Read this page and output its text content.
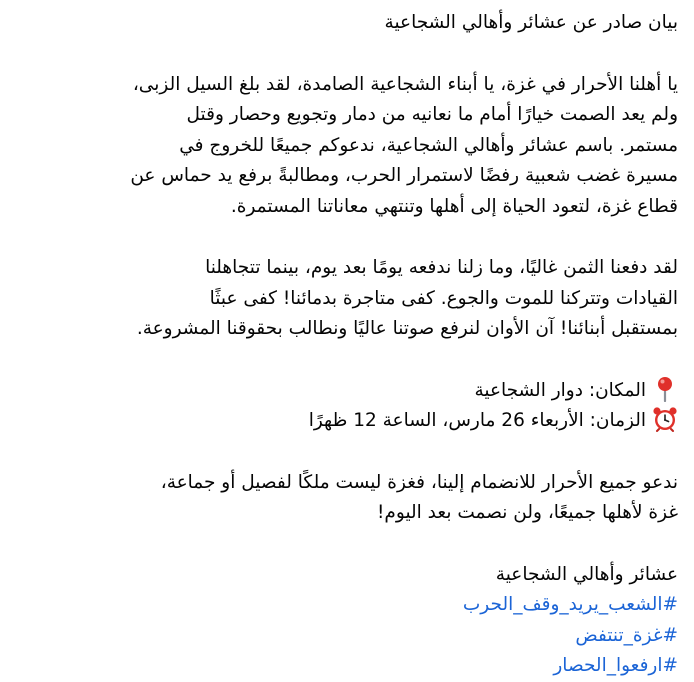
بيان صادر عن عشائر وأهالي الشجاعية
يا أهلنا الأحرار في غزة، يا أبناء الشجاعية الصامدة، لقد بلغ السيل الزبى،
ولم يعد الصمت خيارًا أمام ما نعانيه من دمار وتجويع وحصار وقتل
مستمر. باسم عشائر وأهالي الشجاعية، ندعوكم جميعًا للخروج في
مسيرة غضب شعبية رفضًا لاستمرار الحرب، ومطالبةً برفع يد حماس عن
قطاع غزة، لتعود الحياة إلى أهلها وتنتهي معاناتنا المستمرة.
لقد دفعنا الثمن غاليًا، وما زلنا ندفعه يومًا بعد يوم، بينما تتجاهلنا
القيادات وتتركنا للموت والجوع. كفى متاجرة بدمائنا! كفى عبثًا
بمستقبل أبنائنا! آن الأوان لنرفع صوتنا عاليًا ونطالب بحقوقنا المشروعة.
المكان: دوار الشجاعية
الزمان: الأربعاء 26 مارس، الساعة 12 ظهرًا
ندعو جميع الأحرار للانضمام إلينا، فغزة ليست ملكًا لفصيل أو جماعة،
غزة لأهلها جميعًا، ولن نصمت بعد اليوم!
عشائر وأهالي الشجاعية
#الشعب_يريد_وقف_الحرب
#غزة_تنتفض
#ارفعوا_الحصار
